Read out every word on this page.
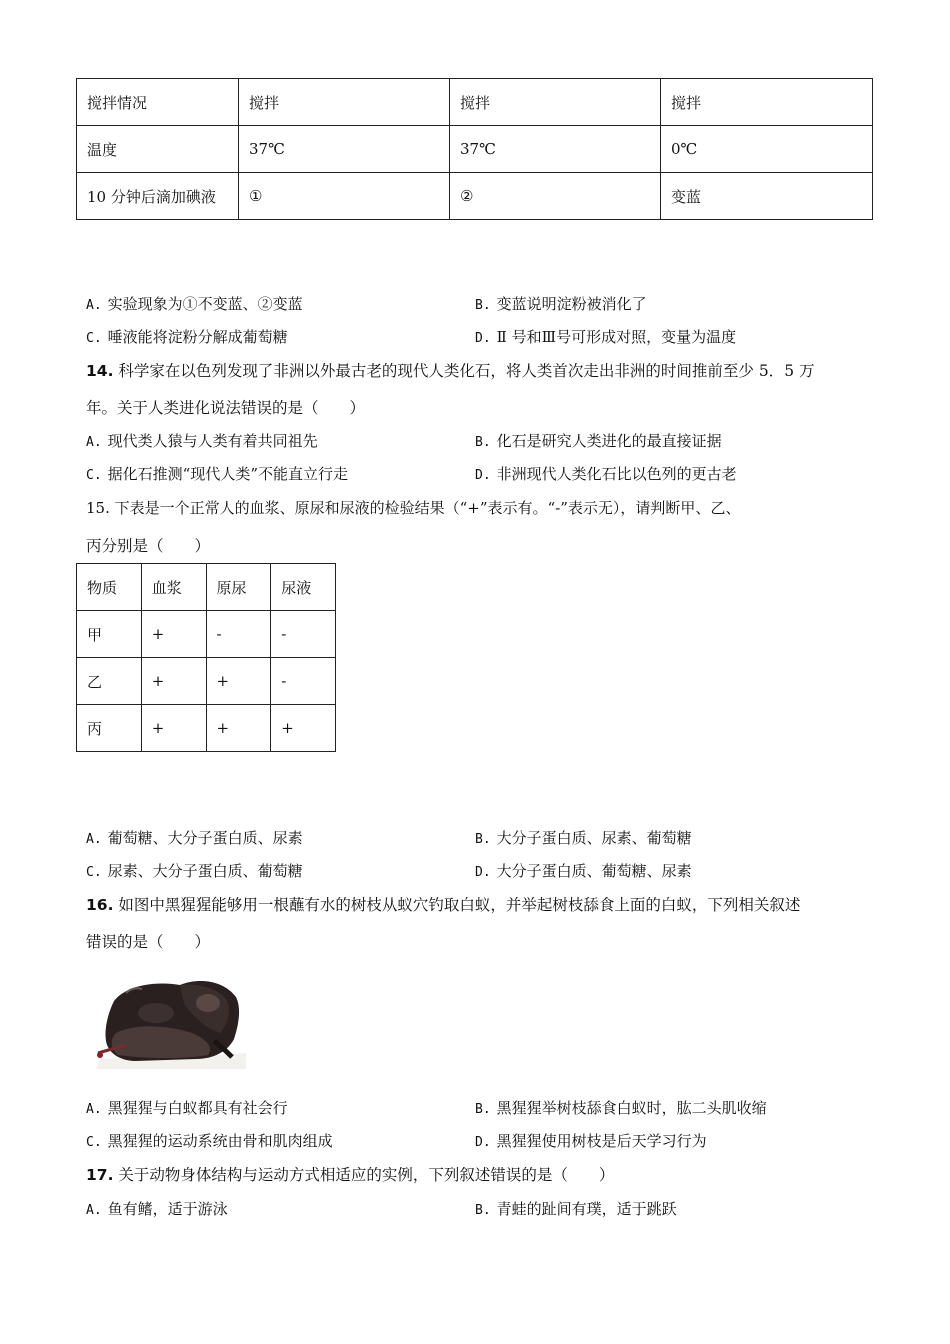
搅拌情况	搅拌	搅拌	搅拌
温度	37℃	37℃	0℃
10 分钟后滴加碘液	①	②	变蓝
A. 实验现象为①不变蓝、②变蓝	B. 变蓝说明淀粉被消化了
C. 唾液能将淀粉分解成葡萄糖	D. Ⅱ 号和Ⅲ号可形成对照，变量为温度
14. 科学家在以色列发现了非洲以外最古老的现代人类化石，将人类首次走出非洲的时间推前至少 5．5 万
年。关于人类进化说法错误的是（　　）
A. 现代类人猿与人类有着共同祖先	B. 化石是研究人类进化的最直接证据
C. 据化石推测“现代人类”不能直立行走	D. 非洲现代人类化石比以色列的更古老
15. 下表是一个正常人的血浆、原尿和尿液的检验结果（“+”表示有。“-”表示无），请判断甲、乙、
丙分别是（　　）
物质	血浆	原尿	尿液
甲	+	-	-
乙	+	+	-
丙	+	+	+
A. 葡萄糖、大分子蛋白质、尿素	B. 大分子蛋白质、尿素、葡萄糖
C. 尿素、大分子蛋白质、葡萄糖	D. 大分子蛋白质、葡萄糖、尿素
16. 如图中黑猩猩能够用一根蘸有水的树枝从蚁穴钓取白蚁，并举起树枝舔食上面的白蚁，下列相关叙述
错误的是（　　）
A. 黑猩猩与白蚁都具有社会行	B. 黑猩猩举树枝舔食白蚁时，肱二头肌收缩
C. 黑猩猩的运动系统由骨和肌肉组成	D. 黑猩猩使用树枝是后天学习行为
17. 关于动物身体结构与运动方式相适应的实例，下列叙述错误的是（　　）
A. 鱼有鳍，适于游泳	B. 青蛙的趾间有璞，适于跳跃
